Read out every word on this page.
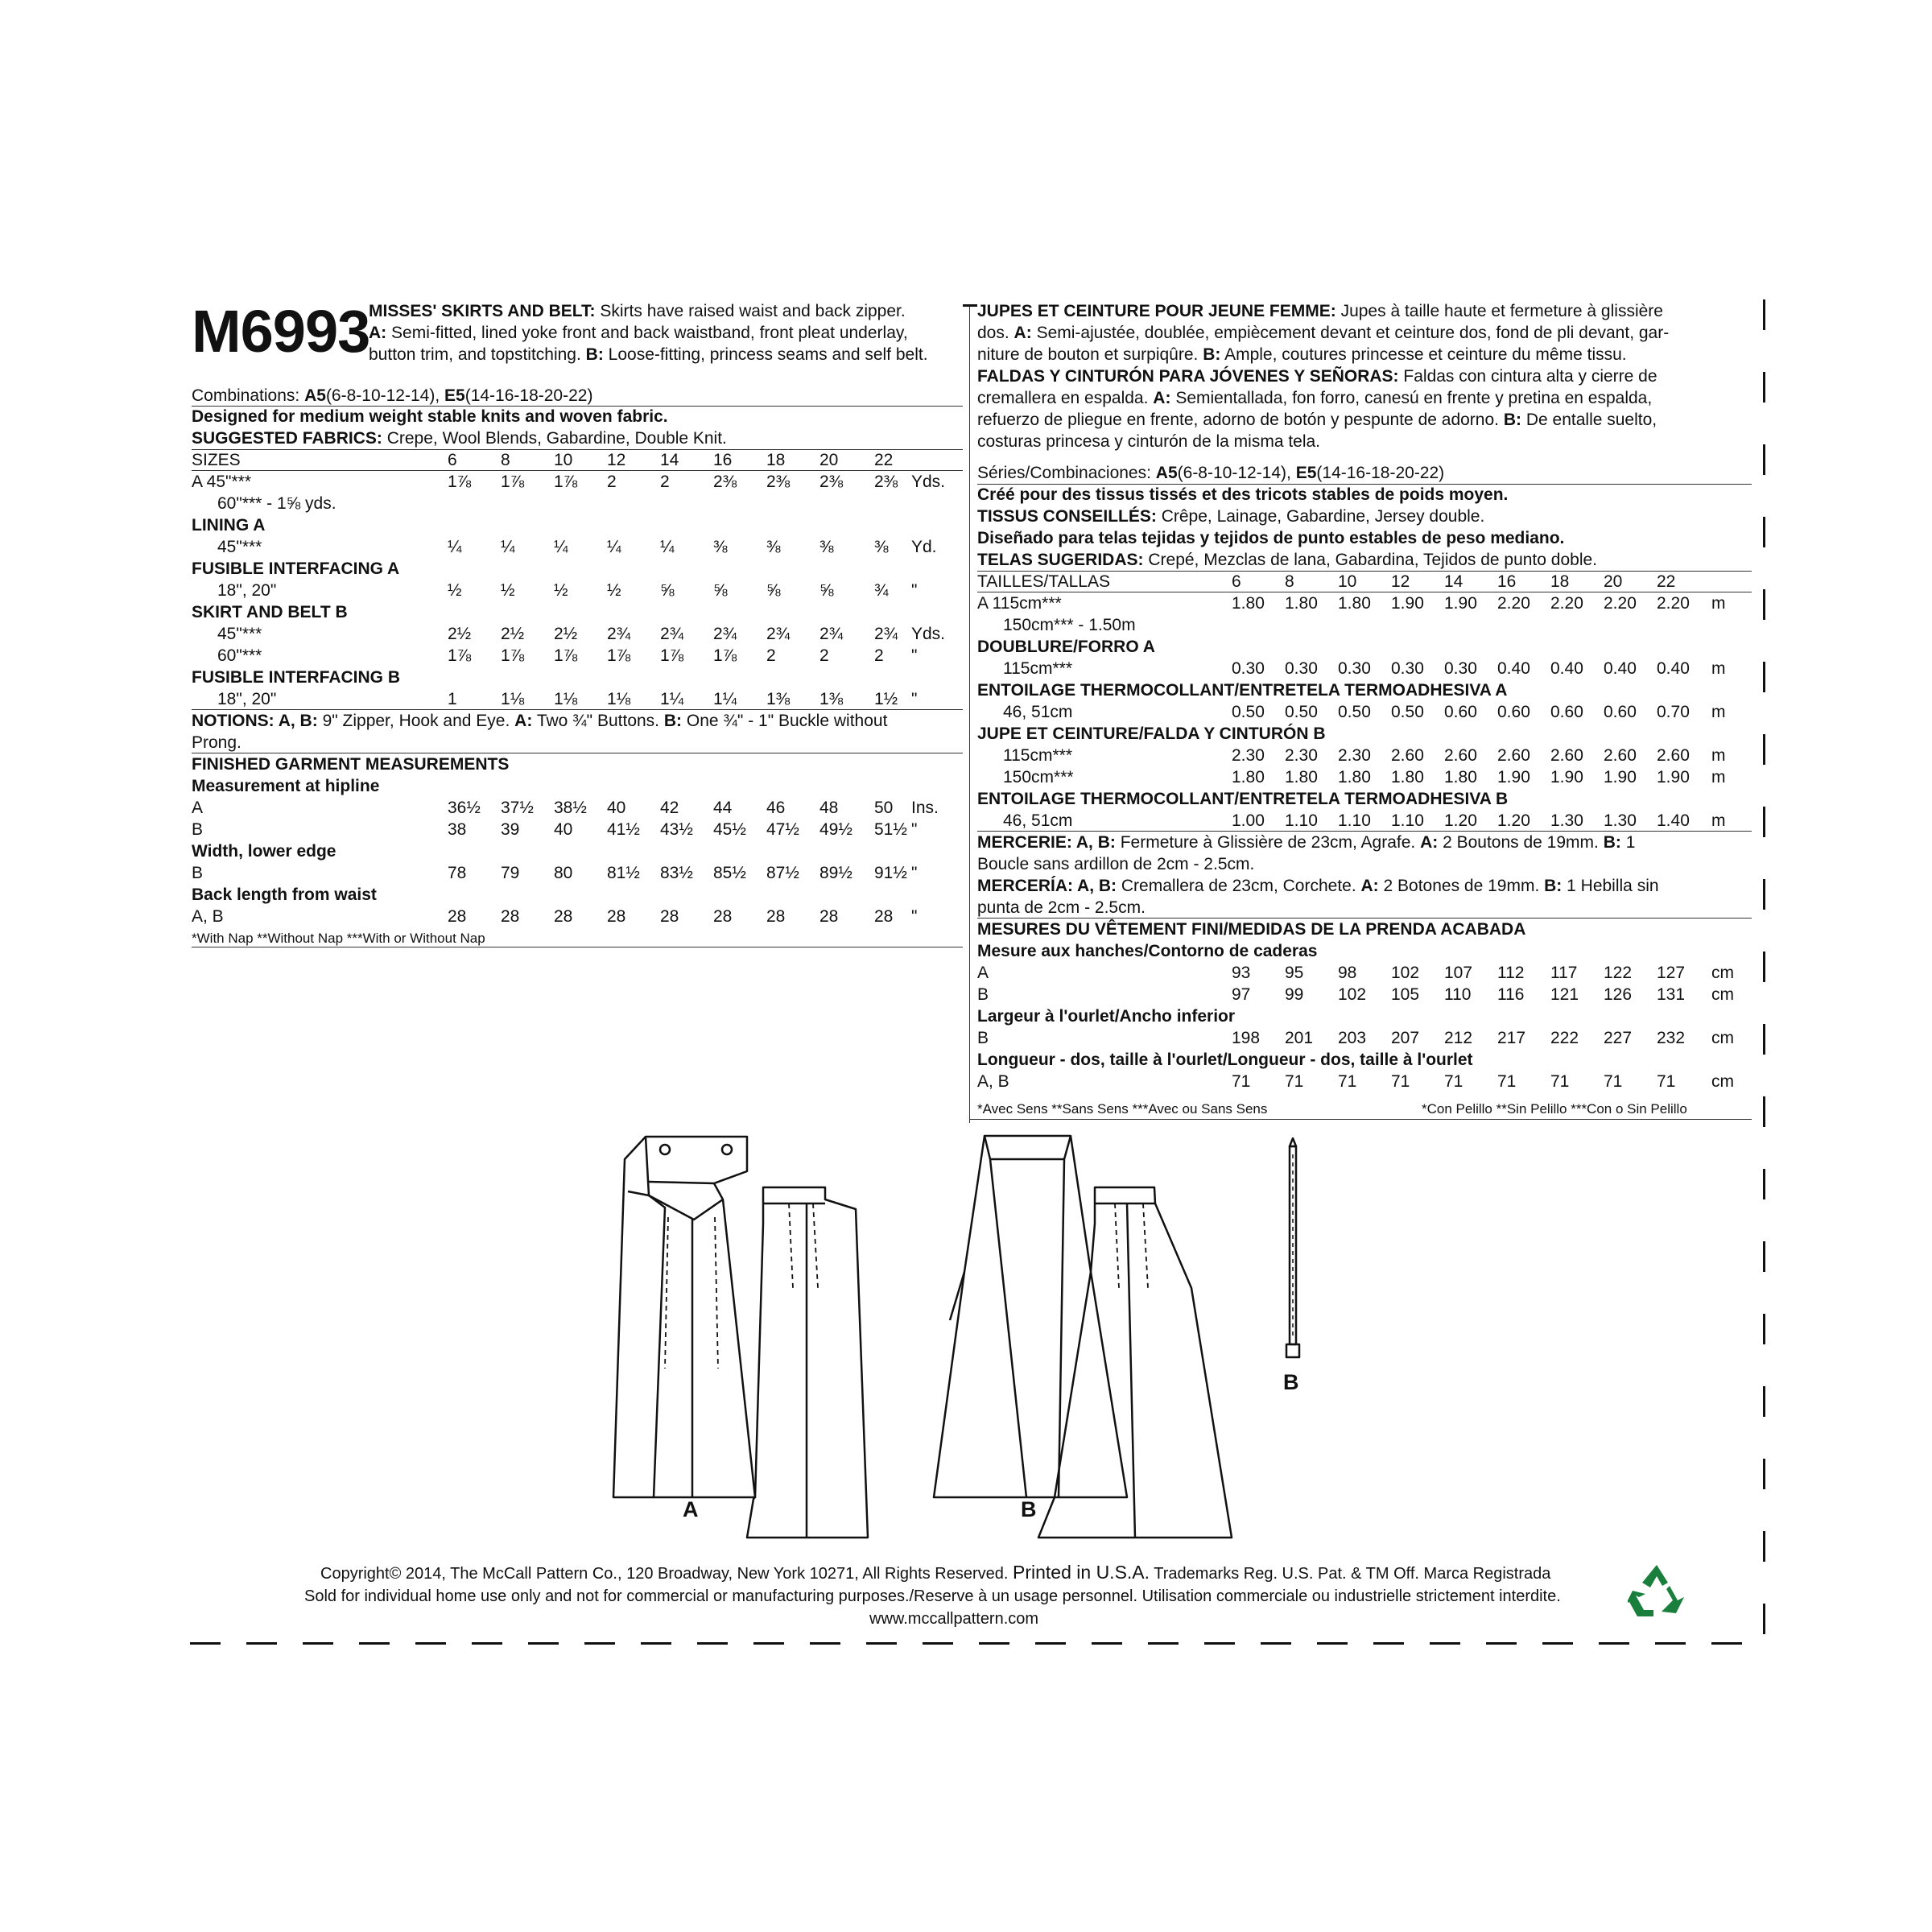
M6993
MISSES' SKIRTS AND BELT: Skirts have raised waist and back zipper.
A: Semi-fitted, lined yoke front and back waistband, front pleat underlay,
button trim, and topstitching. B: Loose-fitting, princess seams and self belt.
Combinations: A5(6-8-10-12-14), E5(14-16-18-20-22)
Designed for medium weight stable knits and woven fabric.
SUGGESTED FABRICS: Crepe, Wool Blends, Gabardine, Double Knit.
JUPES ET CEINTURE POUR JEUNE FEMME: Jupes à taille haute et fermeture à glissière
dos. A: Semi-ajustée, doublée, empiècement devant et ceinture dos, fond de pli devant, gar-
niture de bouton et surpiqûre. B: Ample, coutures princesse et ceinture du même tissu.
FALDAS Y CINTURÓN PARA JÓVENES Y SEÑORAS: Faldas con cintura alta y cierre de
cremallera en espalda. A: Semientallada, fon forro, canesú en frente y pretina en espalda,
refuerzo de pliegue en frente, adorno de botón y pespunte de adorno. B: De entalle suelto,
costuras princesa y cinturón de la misma tela.
Séries/Combinaciones: A5(6-8-10-12-14), E5(14-16-18-20-22)
Créé pour des tissus tissés et des tricots stables de poids moyen.
TISSUS CONSEILLÉS: Crêpe, Lainage, Gabardine, Jersey double.
Diseñado para telas tejidas y tejidos de punto estables de peso mediano.
TELAS SUGERIDAS: Crepé, Mezclas de lana, Gabardina, Tejidos de punto doble.
A	B
B
Copyright© 2014, The McCall Pattern Co., 120 Broadway, New York 10271, All Rights Reserved. Printed in U.S.A. Trademarks Reg. U.S. Pat. & TM Off. Marca Registrada
Sold for individual home use only and not for commercial or manufacturing purposes./Reserve à un usage personnel. Utilisation commerciale ou industrielle strictement interdite.
www.mccallpattern.com
SIZES	6	8	10 12 14 16 18 20 22
A 45"***	1⅞ 1⅞ 1⅞ 2	2	2⅜ 2⅜ 2⅜ 2⅜ Yds.
60"*** - 1⅝ yds.
LINING A
45"***	¼ ¼ ¼ ¼ ¼ ⅜ ⅜ ⅜ ⅜ Yd.
FUSIBLE INTERFACING A
18", 20"	½ ½ ½ ½ ⅝ ⅝ ⅝ ⅝ ¾ "
SKIRT AND BELT B
45"***	2½ 2½ 2½ 2¾ 2¾ 2¾ 2¾ 2¾ 2¾ Yds.
60"***	1⅞ 1⅞ 1⅞ 1⅞ 1⅞ 1⅞ 2	2	2 "
FUSIBLE INTERFACING B
18", 20"	1	1⅛ 1⅛ 1⅛ 1¼ 1¼ 1⅜ 1⅜ 1½ "
NOTIONS: A, B: 9" Zipper, Hook and Eye. A: Two ¾" Buttons. B: One ¾" - 1" Buckle without
Prong.
FINISHED GARMENT MEASUREMENTS
Measurement at hipline
A	36½ 37½ 38½ 40 42 44 46 48 50 Ins.
B	38 39 40 41½ 43½ 45½ 47½ 49½ 51½ "
Width, lower edge
B	78 79 80 81½ 83½ 85½ 87½ 89½ 91½ "
Back length from waist
A, B	28 28 28 28 28 28 28 28 28 "
*With Nap **Without Nap ***With or Without Nap
TAILLES/TALLAS	6	8	10 12 14 16 18 20 22
A 115cm***	1.80 1.80 1.80 1.90 1.90 2.20 2.20 2.20 2.20 m
150cm*** - 1.50m
DOUBLURE/FORRO A
115cm***	0.30 0.30 0.30 0.30 0.30 0.40 0.40 0.40 0.40 m
ENTOILAGE THERMOCOLLANT/ENTRETELA TERMOADHESIVA A
46, 51cm	0.50 0.50 0.50 0.50 0.60 0.60 0.60 0.60 0.70 m
JUPE ET CEINTURE/FALDA Y CINTURÓN B
115cm***	2.30 2.30 2.30 2.60 2.60 2.60 2.60 2.60 2.60 m
150cm***	1.80 1.80 1.80 1.80 1.80 1.90 1.90 1.90 1.90 m
ENTOILAGE THERMOCOLLANT/ENTRETELA TERMOADHESIVA B
46, 51cm	1.00 1.10 1.10 1.10 1.20 1.20 1.30 1.30 1.40 m
MERCERIE: A, B: Fermeture à Glissière de 23cm, Agrafe. A: 2 Boutons de 19mm. B: 1
Boucle sans ardillon de 2cm - 2.5cm.
MERCERÍA: A, B: Cremallera de 23cm, Corchete. A: 2 Botones de 19mm. B: 1 Hebilla sin
punta de 2cm - 2.5cm.
MESURES DU VÊTEMENT FINI/MEDIDAS DE LA PRENDA ACABADA
Mesure aux hanches/Contorno de caderas
A	93 95 98 102 107 112 117 122 127 cm
B	97 99 102 105 110 116 121 126 131 cm
Largeur à l'ourlet/Ancho inferior
B	198 201 203 207 212 217 222 227 232 cm
Longueur - dos, taille à l'ourlet/Longueur - dos, taille à l'ourlet
A, B	71 71 71 71 71 71 71 71 71 cm
*Avec Sens **Sans Sens ***Avec ou Sans Sens	*Con Pelillo **Sin Pelillo ***Con o Sin Pelillo
